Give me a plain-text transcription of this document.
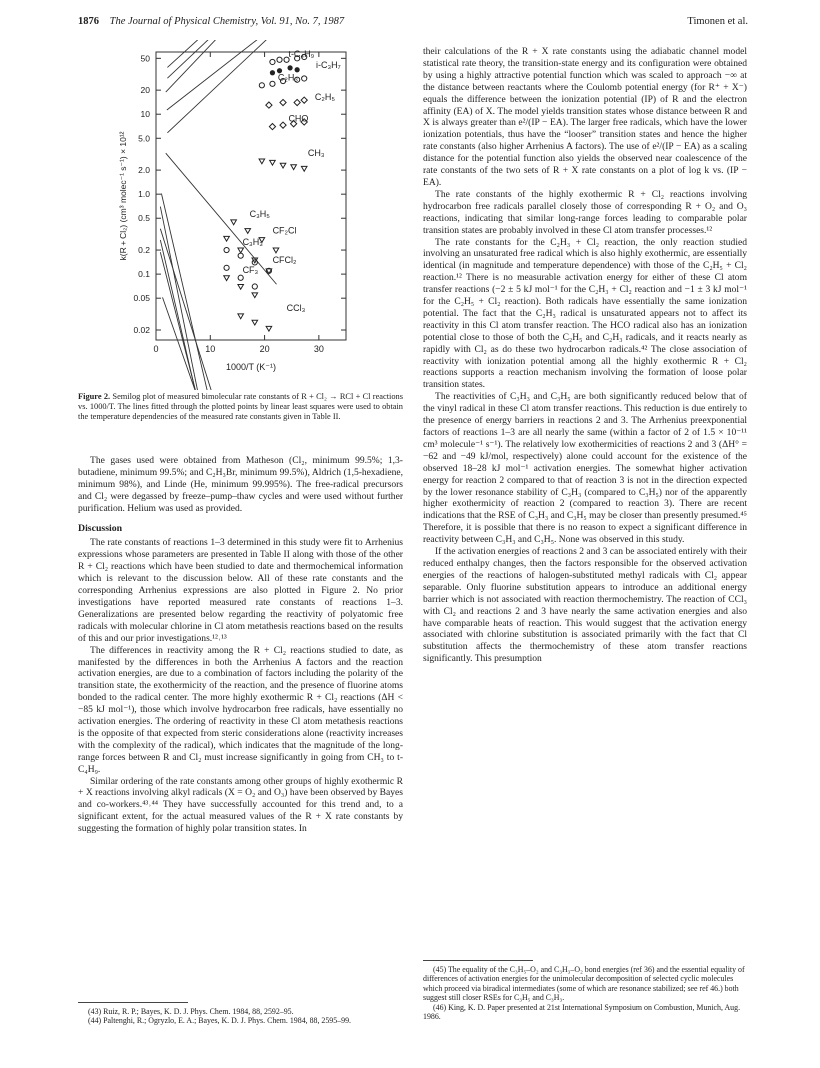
1876 The Journal of Physical Chemistry, Vol. 91, No. 7, 1987	Timonen et al.
0	10	20	30
50
20
10
5.0
2.0
1.0
0.5
0.2
0.1
0.05
0.02
1000/T (K⁻¹)
k(R + Cl₂) (cm³ molec⁻¹ s⁻¹) × 10¹²
t-C₄H₉
i-C₃H₇
C₂H₃
C₂H₅
CHO
CH₃
C₃H₅
CF₂Cl
C₃H₃
CFCl₂
CF₃
CCl₃
Figure 2. Semilog plot of measured bimolecular rate constants of R + Cl₂ → RCl + Cl reactions vs. 1000/T. The lines fitted through the plotted points by linear least squares were used to obtain the temperature dependencies of the measured rate constants given in Table II.

The gases used were obtained from Matheson (Cl₂, minimum 99.5%; 1,3-butadiene, minimum 99.5%; and C₂H₃Br, minimum 99.5%), Aldrich (1,5-hexadiene, minimum 98%), and Linde (He, minimum 99.995%). The free-radical precursors and Cl₂ were degassed by freeze–pump–thaw cycles and were used without further purification. Helium was used as provided.

Discussion

The rate constants of reactions 1–3 determined in this study were fit to Arrhenius expressions whose parameters are presented in Table II along with those of the other R + Cl₂ reactions which have been studied to date and thermochemical information which is relevant to the discussion below. All of these rate constants and the corresponding Arrhenius expressions are also plotted in Figure 2. No prior investigations have reported measured rate constants of reactions 1–3. Generalizations are presented below regarding the reactivity of polyatomic free radicals with molecular chlorine in Cl atom metathesis reactions based on the results of this and our prior investigations.¹²˒¹³

The differences in reactivity among the R + Cl₂ reactions studied to date, as manifested by the differences in both the Arrhenius A factors and the reaction activation energies, are due to a combination of factors including the polarity of the transition state, the exothermicity of the reaction, and the presence of fluorine atoms bonded to the radical center. The more highly exothermic R + Cl₂ reactions (ΔH < −85 kJ mol⁻¹), those which involve hydrocarbon free radicals, have essentially no activation energies. The ordering of reactivity in these Cl atom metathesis reactions is the opposite of that expected from steric considerations alone (reactivity increases with the complexity of the radical), which indicates that the magnitude of the long-range forces between R and Cl₂ must increase significantly in going from CH₃ to t-C₄H₉.

Similar ordering of the rate constants among other groups of highly exothermic R + X reactions involving alkyl radicals (X = O₂ and O₃) have been observed by Bayes and co-workers.⁴³˒⁴⁴ They have successfully accounted for this trend and, to a significant extent, for the actual measured values of the R + X rate constants by suggesting the formation of highly polar transition states. In

their calculations of the R + X rate constants using the adiabatic channel model statistical rate theory, the transition-state energy and its configuration were obtained by using a highly attractive potential function which was scaled to approach −∞ at the distance between reactants where the Coulomb potential energy (for R⁺ + X⁻) equals the difference between the ionization potential (IP) of R and the electron affinity (EA) of X. The model yields transition states whose distance between R and X is always greater than e²/(IP − EA). The larger free radicals, which have the lower ionization potentials, thus have the “looser” transition states and hence the higher rate constants (also higher Arrhenius A factors). The use of e²/(IP − EA) as a scaling distance for the potential function also yields the observed near coalescence of the rate constants of the two sets of R + X rate constants on a plot of log k vs. (IP − EA).

The rate constants of the highly exothermic R + Cl₂ reactions involving hydrocarbon free radicals parallel closely those of corresponding R + O₂ and O₃ reactions, indicating that similar long-range forces leading to comparable polar transition states are probably involved in these Cl atom transfer processes.¹²

The rate constants for the C₂H₃ + Cl₂ reaction, the only reaction studied involving an unsaturated free radical which is also highly exothermic, are essentially identical (in magnitude and temperature dependence) with those of the C₂H₅ + Cl₂ reaction.¹² There is no measurable activation energy for either of these Cl atom transfer reactions (−2 ± 5 kJ mol⁻¹ for the C₂H₃ + Cl₂ reaction and −1 ± 3 kJ mol⁻¹ for the C₂H₅ + Cl₂ reaction). Both radicals have essentially the same ionization potential. The fact that the C₂H₃ radical is unsaturated appears not to affect its reactivity in this Cl atom transfer reaction. The HCO radical also has an ionization potential close to those of both the C₂H₅ and C₂H₃ radicals, and it reacts nearly as rapidly with Cl₂ as do these two hydrocarbon radicals.⁴² The close association of reactivity with ionization potential among all the highly exothermic R + Cl₂ reactions supports a reaction mechanism involving the formation of loose polar transition states.

The reactivities of C₃H₃ and C₃H₅ are both significantly reduced below that of the vinyl radical in these Cl atom transfer reactions. This reduction is due entirely to the presence of energy barriers in reactions 2 and 3. The Arrhenius preexponential factors of reactions 1–3 are all nearly the same (within a factor of 2 of 1.5 × 10⁻¹¹ cm³ molecule⁻¹ s⁻¹). The relatively low exothermicities of reactions 2 and 3 (ΔH° = −62 and −49 kJ/mol, respectively) alone could account for the existence of the observed 18–28 kJ mol⁻¹ activation energies. The somewhat higher activation energy for reaction 2 compared to that of reaction 3 is not in the direction expected by the lower resonance stability of C₃H₃ (compared to C₃H₅) nor of the apparently higher exothermicity of reaction 2 (compared to reaction 3). There are recent indications that the RSE of C₃H₃ and C₃H₅ may be closer than presently presumed.⁴⁵ Therefore, it is possible that there is no reason to expect a significant difference in reactivity between C₃H₃ and C₃H₅. None was observed in this study.

If the activation energies of reactions 2 and 3 can be associated entirely with their reduced enthalpy changes, then the factors responsible for the observed activation energies of the reactions of halogen-substituted methyl radicals with Cl₂ appear separable. Only fluorine substitution appears to introduce an additional energy barrier which is not associated with reaction thermochemistry. The reaction of CCl₃ with Cl₂ and reactions 2 and 3 have nearly the same activation energies and also have comparable heats of reaction. This would suggest that the activation energy associated with chlorine substitution is associated primarily with the fact that Cl substitution affects the thermochemistry of these atom transfer reactions significantly. This presumption

(43) Ruiz, R. P.; Bayes, K. D. J. Phys. Chem. 1984, 88, 2592–95.

(44) Paltenghi, R.; Ogryzlo, E. A.; Bayes, K. D. J. Phys. Chem. 1984, 88, 2595–99.

(45) The equality of the C₃H₅–O₂ and C₃H₃–O₂ bond energies (ref 36) and the essential equality of differences of activation energies for the unimolecular decomposition of selected cyclic molecules which proceed via biradical intermediates (some of which are resonance stabilized; see ref 46.) both suggest still closer RSEs for C₃H₅ and C₃H₃.

(46) King, K. D. Paper presented at 21st International Symposium on Combustion, Munich, Aug. 1986.
